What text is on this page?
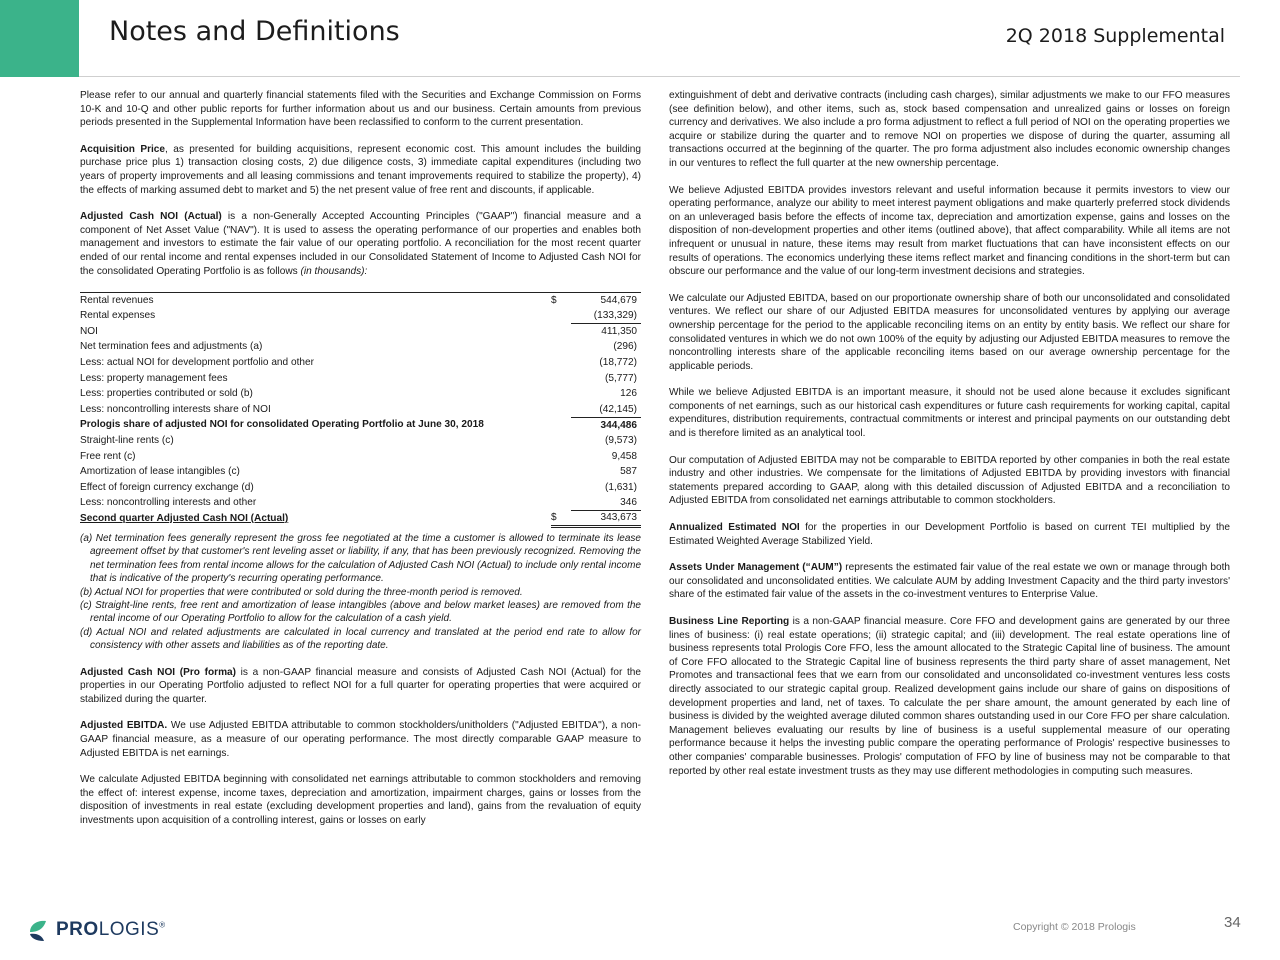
Notes and Definitions	2Q 2018 Supplemental

Please refer to our annual and quarterly financial statements filed with the Securities and Exchange Commission on Forms 10-K and 10-Q and other public reports for further information about us and our business. Certain amounts from previous periods presented in the Supplemental Information have been reclassified to conform to the current presentation.

Acquisition Price, as presented for building acquisitions, represent economic cost. This amount includes the building purchase price plus 1) transaction closing costs, 2) due diligence costs, 3) immediate capital expenditures (including two years of property improvements and all leasing commissions and tenant improvements required to stabilize the property), 4) the effects of marking assumed debt to market and 5) the net present value of free rent and discounts, if applicable.

Adjusted Cash NOI (Actual) is a non-Generally Accepted Accounting Principles ("GAAP") financial measure and a component of Net Asset Value ("NAV"). It is used to assess the operating performance of our properties and enables both management and investors to estimate the fair value of our operating portfolio. A reconciliation for the most recent quarter ended of our rental income and rental expenses included in our Consolidated Statement of Income to Adjusted Cash NOI for the consolidated Operating Portfolio is as follows (in thousands):

Rental revenues	$	544,679
Rental expenses		(133,329)
NOI		411,350
Net termination fees and adjustments (a)		(296)
Less: actual NOI for development portfolio and other		(18,772)
Less: property management fees		(5,777)
Less: properties contributed or sold (b)		126
Less: noncontrolling interests share of NOI		(42,145)
Prologis share of adjusted NOI for consolidated Operating Portfolio at June 30, 2018		344,486
Straight-line rents (c)		(9,573)
Free rent (c)		9,458
Amortization of lease intangibles (c)		587
Effect of foreign currency exchange (d)		(1,631)
Less: noncontrolling interests and other		346
Second quarter Adjusted Cash NOI (Actual)	$	343,673
(a) Net termination fees generally represent the gross fee negotiated at the time a customer is allowed to terminate its lease agreement offset by that customer's rent leveling asset or liability, if any, that has been previously recognized. Removing the net termination fees from rental income allows for the calculation of Adjusted Cash NOI (Actual) to include only rental income that is indicative of the property's recurring operating performance.
(b) Actual NOI for properties that were contributed or sold during the three-month period is removed.
(c) Straight-line rents, free rent and amortization of lease intangibles (above and below market leases) are removed from the rental income of our Operating Portfolio to allow for the calculation of a cash yield.
(d) Actual NOI and related adjustments are calculated in local currency and translated at the period end rate to allow for consistency with other assets and liabilities as of the reporting date.

Adjusted Cash NOI (Pro forma) is a non-GAAP financial measure and consists of Adjusted Cash NOI (Actual) for the properties in our Operating Portfolio adjusted to reflect NOI for a full quarter for operating properties that were acquired or stabilized during the quarter.

Adjusted EBITDA. We use Adjusted EBITDA attributable to common stockholders/unitholders ("Adjusted EBITDA"), a non-GAAP financial measure, as a measure of our operating performance. The most directly comparable GAAP measure to Adjusted EBITDA is net earnings.

We calculate Adjusted EBITDA beginning with consolidated net earnings attributable to common stockholders and removing the effect of: interest expense, income taxes, depreciation and amortization, impairment charges, gains or losses from the disposition of investments in real estate (excluding development properties and land), gains from the revaluation of equity investments upon acquisition of a controlling interest, gains or losses on early

extinguishment of debt and derivative contracts (including cash charges), similar adjustments we make to our FFO measures (see definition below), and other items, such as, stock based compensation and unrealized gains or losses on foreign currency and derivatives. We also include a pro forma adjustment to reflect a full period of NOI on the operating properties we acquire or stabilize during the quarter and to remove NOI on properties we dispose of during the quarter, assuming all transactions occurred at the beginning of the quarter. The pro forma adjustment also includes economic ownership changes in our ventures to reflect the full quarter at the new ownership percentage.

We believe Adjusted EBITDA provides investors relevant and useful information because it permits investors to view our operating performance, analyze our ability to meet interest payment obligations and make quarterly preferred stock dividends on an unleveraged basis before the effects of income tax, depreciation and amortization expense, gains and losses on the disposition of non-development properties and other items (outlined above), that affect comparability. While all items are not infrequent or unusual in nature, these items may result from market fluctuations that can have inconsistent effects on our results of operations. The economics underlying these items reflect market and financing conditions in the short-term but can obscure our performance and the value of our long-term investment decisions and strategies.

We calculate our Adjusted EBITDA, based on our proportionate ownership share of both our unconsolidated and consolidated ventures. We reflect our share of our Adjusted EBITDA measures for unconsolidated ventures by applying our average ownership percentage for the period to the applicable reconciling items on an entity by entity basis. We reflect our share for consolidated ventures in which we do not own 100% of the equity by adjusting our Adjusted EBITDA measures to remove the noncontrolling interests share of the applicable reconciling items based on our average ownership percentage for the applicable periods.

While we believe Adjusted EBITDA is an important measure, it should not be used alone because it excludes significant components of net earnings, such as our historical cash expenditures or future cash requirements for working capital, capital expenditures, distribution requirements, contractual commitments or interest and principal payments on our outstanding debt and is therefore limited as an analytical tool.

Our computation of Adjusted EBITDA may not be comparable to EBITDA reported by other companies in both the real estate industry and other industries. We compensate for the limitations of Adjusted EBITDA by providing investors with financial statements prepared according to GAAP, along with this detailed discussion of Adjusted EBITDA and a reconciliation to Adjusted EBITDA from consolidated net earnings attributable to common stockholders.

Annualized Estimated NOI for the properties in our Development Portfolio is based on current TEI multiplied by the Estimated Weighted Average Stabilized Yield.

Assets Under Management (“AUM”) represents the estimated fair value of the real estate we own or manage through both our consolidated and unconsolidated entities. We calculate AUM by adding Investment Capacity and the third party investors' share of the estimated fair value of the assets in the co-investment ventures to Enterprise Value.

Business Line Reporting is a non-GAAP financial measure. Core FFO and development gains are generated by our three lines of business: (i) real estate operations; (ii) strategic capital; and (iii) development. The real estate operations line of business represents total Prologis Core FFO, less the amount allocated to the Strategic Capital line of business. The amount of Core FFO allocated to the Strategic Capital line of business represents the third party share of asset management, Net Promotes and transactional fees that we earn from our consolidated and unconsolidated co-investment ventures less costs directly associated to our strategic capital group. Realized development gains include our share of gains on dispositions of development properties and land, net of taxes. To calculate the per share amount, the amount generated by each line of business is divided by the weighted average diluted common shares outstanding used in our Core FFO per share calculation. Management believes evaluating our results by line of business is a useful supplemental measure of our operating performance because it helps the investing public compare the operating performance of Prologis' respective businesses to other companies' comparable businesses. Prologis' computation of FFO by line of business may not be comparable to that reported by other real estate investment trusts as they may use different methodologies in computing such measures.

PROLOGIS®	Copyright © 2018 Prologis	34
